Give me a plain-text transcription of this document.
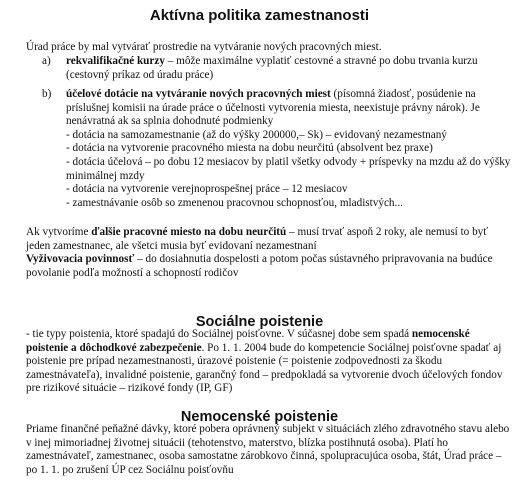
Aktívna politika zamestnanosti

Úrad práce by mal vytvárať prostredie na vytváranie nových pracovných miest.

a) rekvalifikačné kurzy – môže maximálne vyplatiť cestovné a stravné po dobu trvania kurzu (cestovný príkaz od úradu práce)
b) účelové dotácie na vytváranie nových pracovných miest (písomná žiadosť, posúdenie na príslušnej komisii na úrade práce o účelnosti vytvorenia miesta, neexistuje právny nárok). Je nenávratná ak sa splnia dohodnuté podmienky
- dotácia na samozamestnanie (až do výšky 200000,– Sk) – evidovaný nezamestnaný
- dotácia na vytvorenie pracovného miesta na dobu neurčitú (absolvent bez praxe)
- dotácia účelová – po dobu 12 mesiacov by platil všetky odvody + príspevky na mzdu až do výšky minimálnej mzdy
- dotácia na vytvorenie verejnoprospešnej práce – 12 mesiacov
- zamestnávanie osôb so zmenenou pracovnou schopnosťou, mladistvých...

Ak vytvoríme ďalšie pracovné miesto na dobu neurčitú – musí trvať aspoň 2 roky, ale nemusí to byť jeden zamestnanec, ale všetci musia byť evidovaní nezamestnaní

Vyživovacia povinnosť – do dosiahnutia dospelosti a potom počas sústavného pripravovania na budúce povolanie podľa možností a schopností rodičov

Sociálne poistenie

- tie typy poistenia, ktoré spadajú do Sociálnej poisťovne. V súčasnej dobe sem spadá nemocenské poistenie a dôchodkové zabezpečenie. Po 1. 1. 2004 bude do kompetencie Sociálnej poisťovne spadať aj poistenie pre prípad nezamestnanosti, úrazové poistenie (= poistenie zodpovednosti za škodu zamestnávateľa), invalidné poistenie, garančný fond – predpokladá sa vytvorenie dvoch účelových fondov pre rizikové situácie – rizikové fondy (IP, GF)

Nemocenské poistenie

Priame finančné peňažné dávky, ktoré pobera oprávnený subjekt v situáciách zlého zdravotného stavu alebo v inej mimoriadnej životnej situácii (tehotenstvo, materstvo, blízka postihnutá osoba). Platí ho zamestnávateľ, zamestnanec, osoba samostatne zárobkovo činná, spolupracujúca osoba, štát, Úrad práce – po 1. 1. po zrušení ÚP cez Sociálnu poisťovňu
